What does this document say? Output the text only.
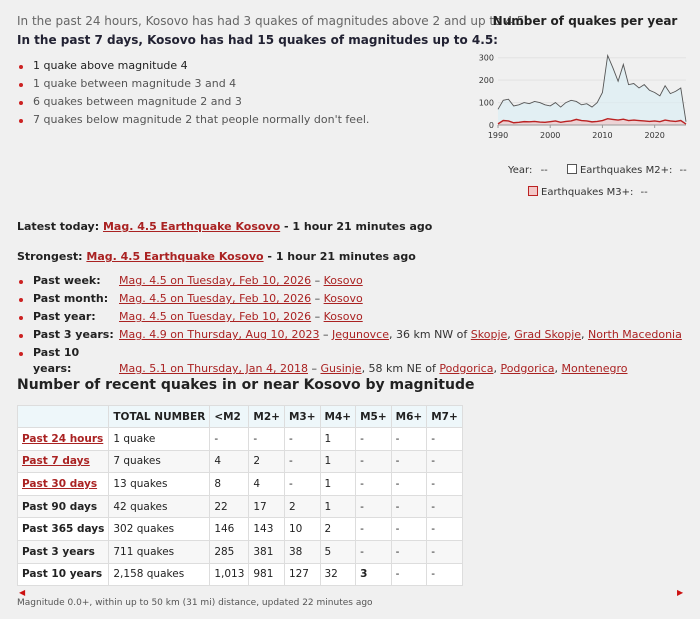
In the past 24 hours, Kosovo has had 3 quakes of magnitudes above 2 and up to 4.5.
In the past 7 days, Kosovo has had 15 quakes of magnitudes up to 4.5:
1 quake above magnitude 4
1 quake between magnitude 3 and 4
6 quakes between magnitude 2 and 3
7 quakes below magnitude 2 that people normally don't feel.
Number of quakes per year
0
100
200
300
1990	2000	2010	2020
Year: --	Earthquakes M2+: --
Earthquakes M3+: --
Latest today: Mag. 4.5 Earthquake Kosovo - 1 hour 21 minutes ago
Strongest: Mag. 4.5 Earthquake Kosovo - 1 hour 21 minutes ago
Past week: Mag. 4.5 on Tuesday, Feb 10, 2026 – Kosovo
Past month: Mag. 4.5 on Tuesday, Feb 10, 2026 – Kosovo
Past year: Mag. 4.5 on Tuesday, Feb 10, 2026 – Kosovo
Past 3 years: Mag. 4.9 on Thursday, Aug 10, 2023 – Jegunovce, 36 km NW of Skopje, Grad Skopje, North Macedonia
Past 10 years:	Mag. 5.1 on Thursday, Jan 4, 2018 – Gusinje, 58 km NE of Podgorica, Podgorica, Montenegro
Number of recent quakes in or near Kosovo by magnitude
	TOTAL NUMBER	<M2	M2+	M3+	M4+	M5+	M6+	M7+
Past 24 hours	1 quake	-	-	-	1	-	-	-
Past 7 days	7 quakes	4	2	-	1	-	-	-
Past 30 days	13 quakes	8	4	-	1	-	-	-
Past 90 days	42 quakes	22	17	2	1	-	-	-
Past 365 days	302 quakes	146	143	10	2	-	-	-
Past 3 years	711 quakes	285	381	38	5	-	-	-
Past 10 years	2,158 quakes	1,013	981	127	32	3	-	-
Magnitude 0.0+, within up to 50 km (31 mi) distance, updated 22 minutes ago
◀	▶
